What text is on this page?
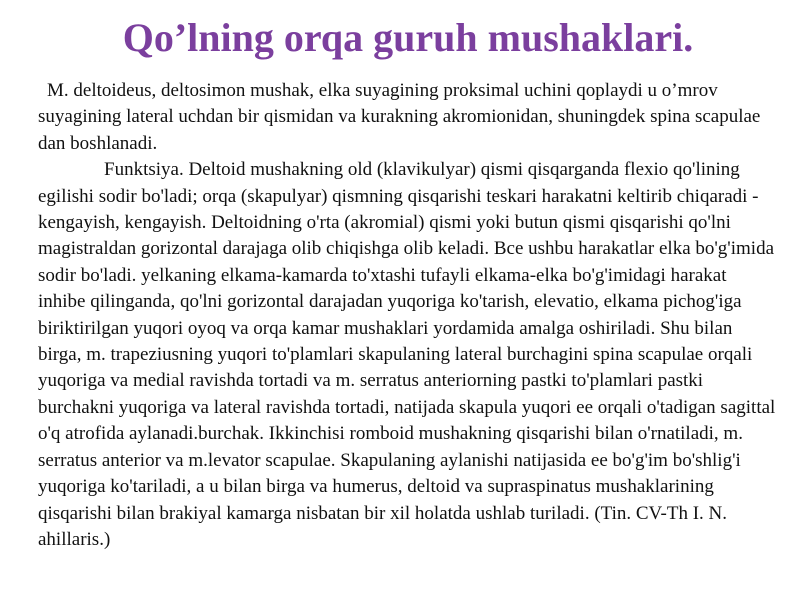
Qo’lning orqa guruh mushaklari.

M. deltoideus, deltosimon mushak, elka suyagining proksimal uchini qoplaydi u o’mrov suyagining lateral uchdan bir qismidan va kurakning akromionidan, shuningdek spina scapulae dan boshlanadi.

Funktsiya. Deltoid mushakning old (klavikulyar) qismi qisqarganda flexio qo'lining egilishi sodir bo'ladi; orqa (skapulyar) qismning qisqarishi teskari harakatni keltirib chiqaradi - kengayish, kengayish. Deltoidning o'rta (akromial) qismi yoki butun qismi qisqarishi qo'lni magistraldan gorizontal darajaga olib chiqishga olib keladi. Bce ushbu harakatlar elka bo'g'imida sodir bo'ladi. yelkaning elkama-kamarda to'xtashi tufayli elkama-elka bo'g'imidagi harakat inhibe qilinganda, qo'lni gorizontal darajadan yuqoriga ko'tarish, elevatio, elkama pichog'iga biriktirilgan yuqori oyoq va orqa kamar mushaklari yordamida amalga oshiriladi. Shu bilan birga, m. trapeziusning yuqori to'plamlari skapulaning lateral burchagini spina scapulae orqali yuqoriga va medial ravishda tortadi va m. serratus anteriorning pastki to'plamlari pastki burchakni yuqoriga va lateral ravishda tortadi, natijada skapula yuqori ee orqali o'tadigan sagittal o'q atrofida aylanadi.burchak. Ikkinchisi romboid mushakning qisqarishi bilan o'rnatiladi, m. serratus anterior va m.levator scapulae. Skapulaning aylanishi natijasida ee bo'g'im bo'shlig'i yuqoriga ko'tariladi, a u bilan birga va humerus, deltoid va supraspinatus mushaklarining qisqarishi bilan brakiyal kamarga nisbatan bir xil holatda ushlab turiladi. (Tin. CV-Th I. N. ahillaris.)
